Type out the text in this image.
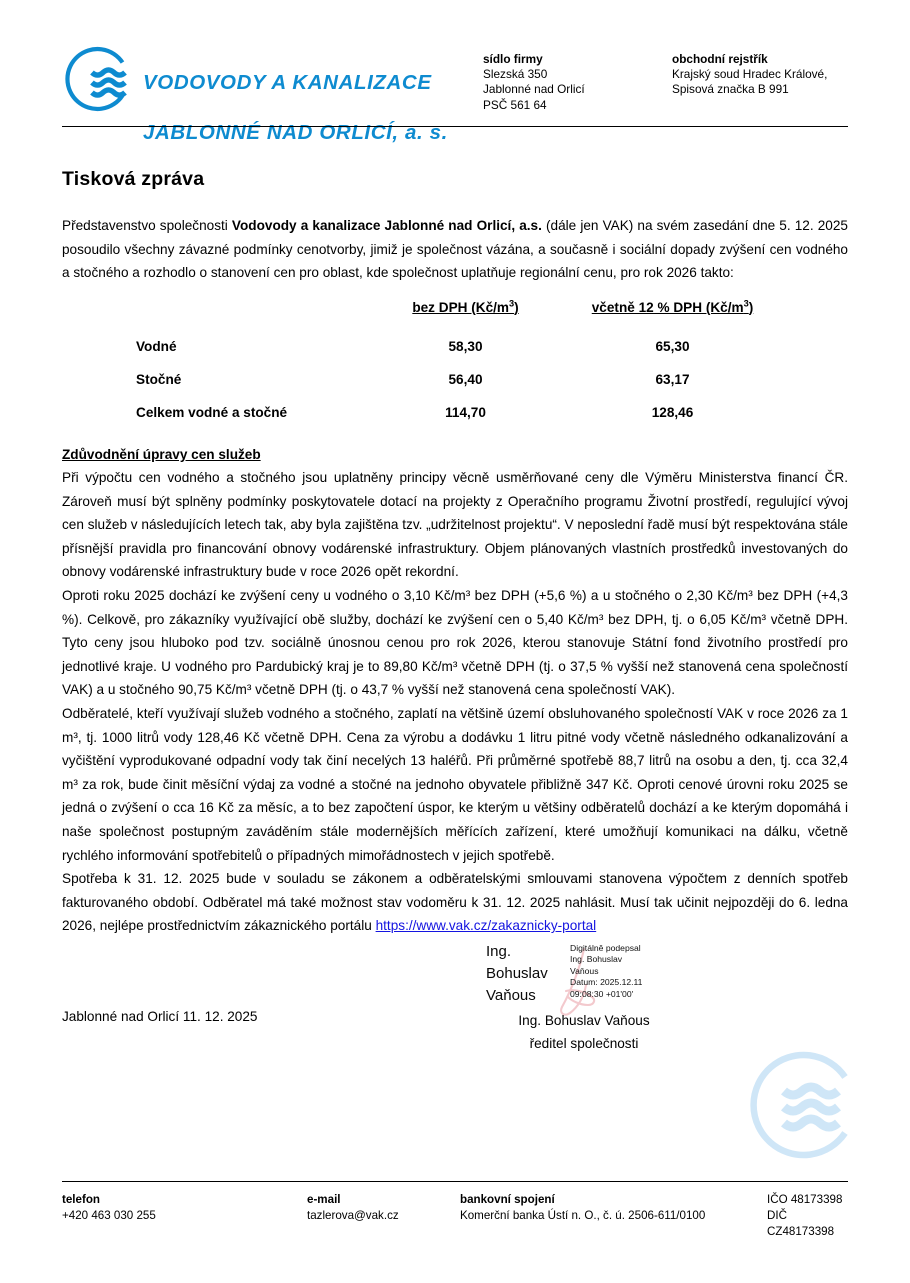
VODOVODY A KANALIZACE

JABLONNÉ NAD ORLICÍ, a. s.

sídlo firmy
Slezská 350
Jablonné nad Orlicí
PSČ 561 64
obchodní rejstřík
Krajský soud Hradec Králové,
Spisová značka B 991
Tisková zpráva
Představenstvo společnosti Vodovody a kanalizace Jablonné nad Orlicí, a.s. (dále jen VAK) na svém zasedání dne 5. 12. 2025 posoudilo všechny závazné podmínky cenotvorby, jimiž je společnost vázána, a současně i sociální dopady zvýšení cen vodného a stočného a rozhodlo o stanovení cen pro oblast, kde společnost uplatňuje regionální cenu, pro rok 2026 takto:
	bez DPH $(Kč/m^3)$	včetně 12 % DPH $(Kč/m^3)$
Vodné	58,30	65,30
Stočné	56,40	63,17
Celkem vodné a stočné	114,70	128,46
Zdůvodnění úpravy cen služeb
Při výpočtu cen vodného a stočného jsou uplatněny principy věcně usměrňované ceny dle Výměru Ministerstva financí ČR. Zároveň musí být splněny podmínky poskytovatele dotací na projekty z Operačního programu Životní prostředí, regulující vývoj cen služeb v následujících letech tak, aby byla zajištěna tzv. „udržitelnost projektu“. V neposlední řadě musí být respektována stále přísnější pravidla pro financování obnovy vodárenské infrastruktury. Objem plánovaných vlastních prostředků investovaných do obnovy vodárenské infrastruktury bude v roce 2026 opět rekordní.
Oproti roku 2025 dochází ke zvýšení ceny u vodného o 3,10 Kč/m³ bez DPH (+5,6 %) a u stočného o 2,30 Kč/m³ bez DPH (+4,3 %). Celkově, pro zákazníky využívající obě služby, dochází ke zvýšení cen o 5,40 Kč/m³ bez DPH, tj. o 6,05 Kč/m³ včetně DPH. Tyto ceny jsou hluboko pod tzv. sociálně únosnou cenou pro rok 2026, kterou stanovuje Státní fond životního prostředí pro jednotlivé kraje. U vodného pro Pardubický kraj je to 89,80 Kč/m³ včetně DPH (tj. o 37,5 % vyšší než stanovená cena společností VAK) a u stočného 90,75 Kč/m³ včetně DPH (tj. o 43,7 % vyšší než stanovená cena společností VAK).
Odběratelé, kteří využívají služeb vodného a stočného, zaplatí na většině území obsluhovaného společností VAK v roce 2026 za 1 m³, tj. 1000 litrů vody 128,46 Kč včetně DPH. Cena za výrobu a dodávku 1 litru pitné vody včetně následného odkanalizování a vyčištění vyprodukované odpadní vody tak činí necelých 13 haléřů. Při průměrné spotřebě 88,7 litrů na osobu a den, tj. cca 32,4 m³ za rok, bude činit měsíční výdaj za vodné a stočné na jednoho obyvatele přibližně 347 Kč. Oproti cenové úrovni roku 2025 se jedná o zvýšení o cca 16 Kč za měsíc, a to bez započtení úspor, ke kterým u většiny odběratelů dochází a ke kterým dopomáhá i naše společnost postupným zaváděním stále modernějších měřících zařízení, které umožňují komunikaci na dálku, včetně rychlého informování spotřebitelů o případných mimořádnostech v jejich spotřebě.
Spotřeba k 31. 12. 2025 bude v souladu se zákonem a odběratelskými smlouvami stanovena výpočtem z denních spotřeb fakturovaného období. Odběratel má také možnost stav vodoměru k 31. 12. 2025 nahlásit. Musí tak učinit nejpozději do 6. ledna 2026, nejlépe prostřednictvím zákaznického portálu https://www.vak.cz/zakaznicky-portal
Ing. Bohuslav Vaňous
Digitálně podepsal
Ing. Bohuslav
Vaňous
Datum: 2025.12.11
09:08:30 +01'00'
Jablonné nad Orlicí 11. 12. 2025	Ing. Bohuslav Vaňous
ředitel společnosti
telefon
+420 463 030 255
e-mail
tazlerova@vak.cz
bankovní spojení
Komerční banka Ústí n. O., č. ú. 2506-611/0100
IČO 48173398
DIČ CZ48173398
